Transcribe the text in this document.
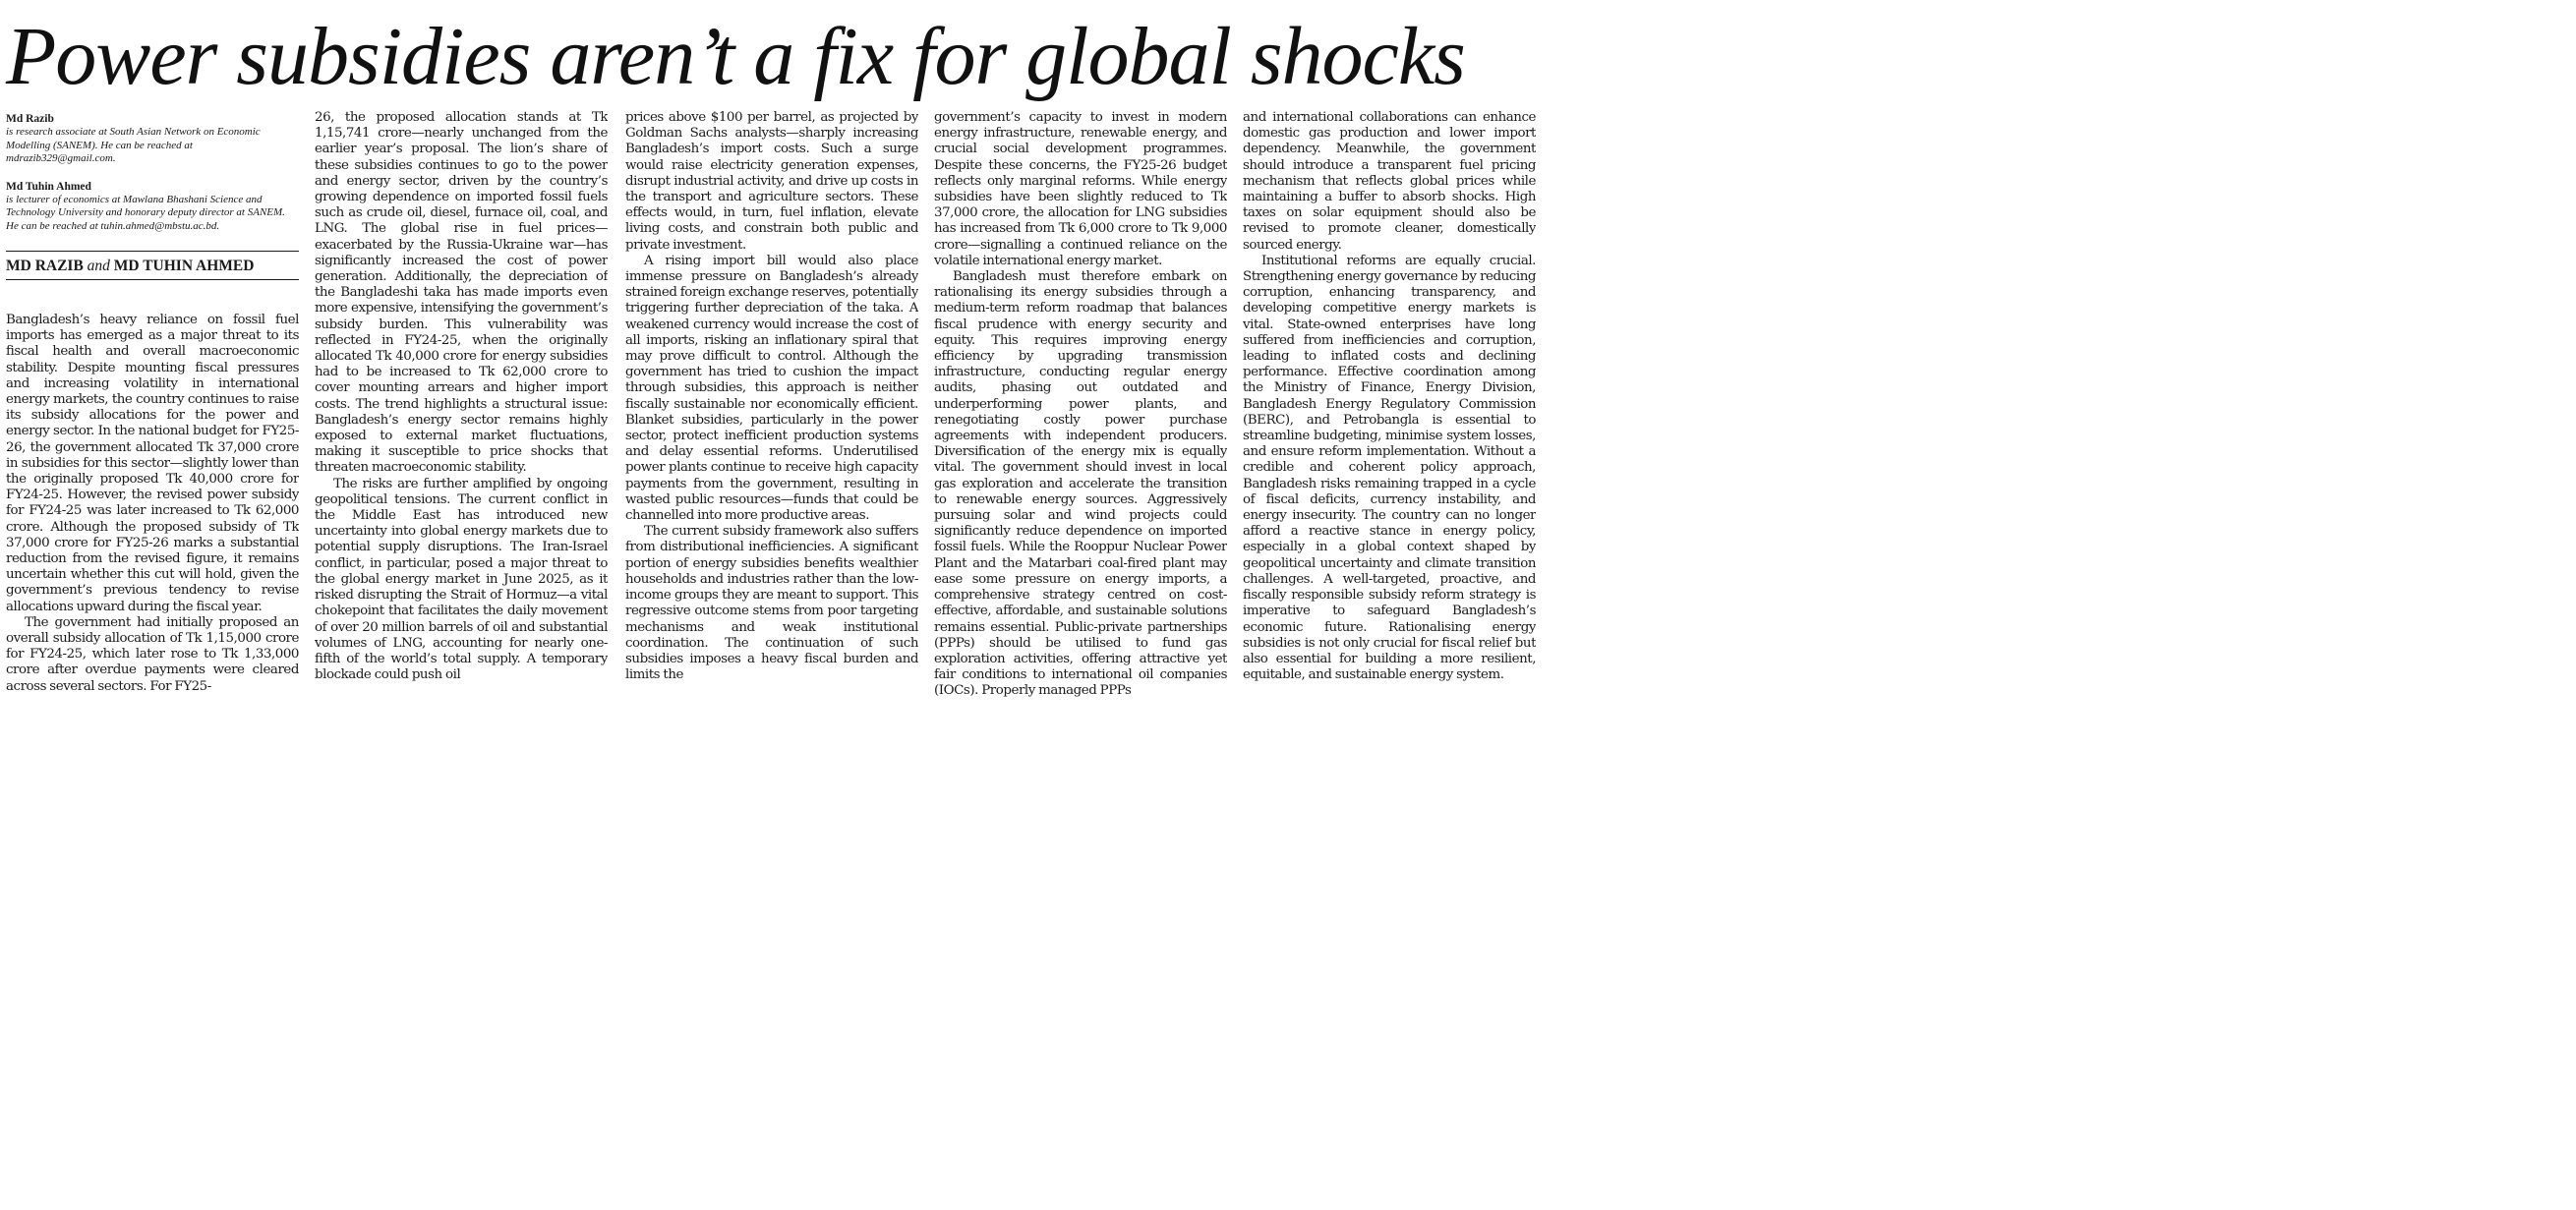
Power subsidies aren’t a fix for global shocks
Md Razib
is research associate at South Asian Network on Economic Modelling (SANEM). He can be reached at mdrazib329@gmail.com.
Md Tuhin Ahmed
is lecturer of economics at Mawlana Bhashani Science and Technology University and honorary deputy director at SANEM. He can be reached at tuhin.ahmed@mbstu.ac.bd.
MD RAZIB and MD TUHIN AHMED

Bangladesh’s heavy reliance on fossil fuel imports has emerged as a major threat to its fiscal health and overall macroeconomic stability. Despite mounting fiscal pressures and increasing volatility in international energy markets, the country continues to raise its subsidy allocations for the power and energy sector. In the national budget for FY25-26, the government allocated Tk 37,000 crore in subsidies for this sector—slightly lower than the originally proposed Tk 40,000 crore for FY24-25. However, the revised power subsidy for FY24-25 was later increased to Tk 62,000 crore. Although the proposed subsidy of Tk 37,000 crore for FY25-26 marks a substantial reduction from the revised figure, it remains uncertain whether this cut will hold, given the government’s previous tendency to revise allocations upward during the fiscal year.

The government had initially proposed an overall subsidy allocation of Tk 1,15,000 crore for FY24-25, which later rose to Tk 1,33,000 crore after overdue payments were cleared across several sectors. For FY25-

26, the proposed allocation stands at Tk 1,15,741 crore—nearly unchanged from the earlier year’s proposal. The lion’s share of these subsidies continues to go to the power and energy sector, driven by the country’s growing dependence on imported fossil fuels such as crude oil, diesel, furnace oil, coal, and LNG. The global rise in fuel prices—exacerbated by the Russia-Ukraine war—has significantly increased the cost of power generation. Additionally, the depreciation of the Bangladeshi taka has made imports even more expensive, intensifying the government’s subsidy burden. This vulnerability was reflected in FY24-25, when the originally allocated Tk 40,000 crore for energy subsidies had to be increased to Tk 62,000 crore to cover mounting arrears and higher import costs. The trend highlights a structural issue: Bangladesh’s energy sector remains highly exposed to external market fluctuations, making it susceptible to price shocks that threaten macroeconomic stability.

The risks are further amplified by ongoing geopolitical tensions. The current conflict in the Middle East has introduced new uncertainty into global energy markets due to potential supply disruptions. The Iran-Israel conflict, in particular, posed a major threat to the global energy market in June 2025, as it risked disrupting the Strait of Hormuz—a vital chokepoint that facilitates the daily movement of over 20 million barrels of oil and substantial volumes of LNG, accounting for nearly one-fifth of the world’s total supply. A temporary blockade could push oil

prices above $100 per barrel, as projected by Goldman Sachs analysts—sharply increasing Bangladesh’s import costs. Such a surge would raise electricity generation expenses, disrupt industrial activity, and drive up costs in the transport and agriculture sectors. These effects would, in turn, fuel inflation, elevate living costs, and constrain both public and private investment.

A rising import bill would also place immense pressure on Bangladesh’s already strained foreign exchange reserves, potentially triggering further depreciation of the taka. A weakened currency would increase the cost of all imports, risking an inflationary spiral that may prove difficult to control. Although the government has tried to cushion the impact through subsidies, this approach is neither fiscally sustainable nor economically efficient. Blanket subsidies, particularly in the power sector, protect inefficient production systems and delay essential reforms. Underutilised power plants continue to receive high capacity payments from the government, resulting in wasted public resources—funds that could be channelled into more productive areas.

The current subsidy framework also suffers from distributional inefficiencies. A significant portion of energy subsidies benefits wealthier households and industries rather than the low-income groups they are meant to support. This regressive outcome stems from poor targeting mechanisms and weak institutional coordination. The continuation of such subsidies imposes a heavy fiscal burden and limits the

government’s capacity to invest in modern energy infrastructure, renewable energy, and crucial social development programmes. Despite these concerns, the FY25-26 budget reflects only marginal reforms. While energy subsidies have been slightly reduced to Tk 37,000 crore, the allocation for LNG subsidies has increased from Tk 6,000 crore to Tk 9,000 crore—signalling a continued reliance on the volatile international energy market.

Bangladesh must therefore embark on rationalising its energy subsidies through a medium-term reform roadmap that balances fiscal prudence with energy security and equity. This requires improving energy efficiency by upgrading transmission infrastructure, conducting regular energy audits, phasing out outdated and underperforming power plants, and renegotiating costly power purchase agreements with independent producers. Diversification of the energy mix is equally vital. The government should invest in local gas exploration and accelerate the transition to renewable energy sources. Aggressively pursuing solar and wind projects could significantly reduce dependence on imported fossil fuels. While the Rooppur Nuclear Power Plant and the Matarbari coal-fired plant may ease some pressure on energy imports, a comprehensive strategy centred on cost-effective, affordable, and sustainable solutions remains essential. Public-private partnerships (PPPs) should be utilised to fund gas exploration activities, offering attractive yet fair conditions to international oil companies (IOCs). Properly managed PPPs

and international collaborations can enhance domestic gas production and lower import dependency. Meanwhile, the government should introduce a transparent fuel pricing mechanism that reflects global prices while maintaining a buffer to absorb shocks. High taxes on solar equipment should also be revised to promote cleaner, domestically sourced energy.

Institutional reforms are equally crucial. Strengthening energy governance by reducing corruption, enhancing transparency, and developing competitive energy markets is vital. State-owned enterprises have long suffered from inefficiencies and corruption, leading to inflated costs and declining performance. Effective coordination among the Ministry of Finance, Energy Division, Bangladesh Energy Regulatory Commission (BERC), and Petrobangla is essential to streamline budgeting, minimise system losses, and ensure reform implementation. Without a credible and coherent policy approach, Bangladesh risks remaining trapped in a cycle of fiscal deficits, currency instability, and energy insecurity. The country can no longer afford a reactive stance in energy policy, especially in a global context shaped by geopolitical uncertainty and climate transition challenges. A well-targeted, proactive, and fiscally responsible subsidy reform strategy is imperative to safeguard Bangladesh’s economic future. Rationalising energy subsidies is not only crucial for fiscal relief but also essential for building a more resilient, equitable, and sustainable energy system.
